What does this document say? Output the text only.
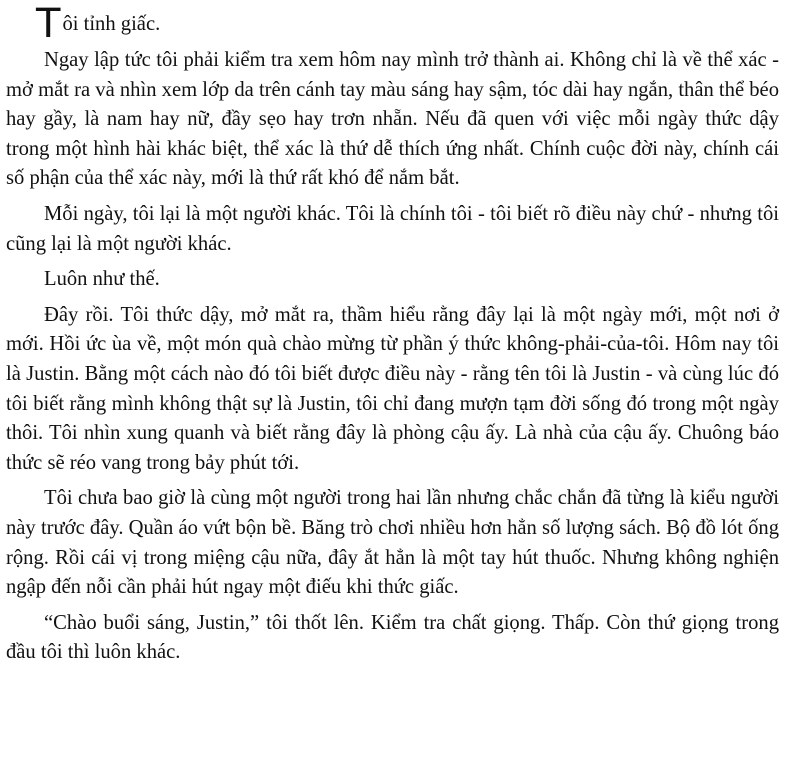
T ôi tỉnh giấc.

Ngay lập tức tôi phải kiểm tra xem hôm nay mình trở thành ai. Không chỉ là về thể xác - mở mắt ra và nhìn xem lớp da trên cánh tay màu sáng hay sậm, tóc dài hay ngắn, thân thể béo hay gầy, là nam hay nữ, đầy sẹo hay trơn nhẵn. Nếu đã quen với việc mỗi ngày thức dậy trong một hình hài khác biệt, thể xác là thứ dễ thích ứng nhất. Chính cuộc đời này, chính cái số phận của thể xác này, mới là thứ rất khó để nắm bắt.

Mỗi ngày, tôi lại là một người khác. Tôi là chính tôi - tôi biết rõ điều này chứ - nhưng tôi cũng lại là một người khác.

Luôn như thế.

Đây rồi. Tôi thức dậy, mở mắt ra, thầm hiểu rằng đây lại là một ngày mới, một nơi ở mới. Hồi ức ùa về, một món quà chào mừng từ phần ý thức không-phải-của-tôi. Hôm nay tôi là Justin. Bằng một cách nào đó tôi biết được điều này - rằng tên tôi là Justin - và cùng lúc đó tôi biết rằng mình không thật sự là Justin, tôi chỉ đang mượn tạm đời sống đó trong một ngày thôi. Tôi nhìn xung quanh và biết rằng đây là phòng cậu ấy. Là nhà của cậu ấy. Chuông báo thức sẽ réo vang trong bảy phút tới.

Tôi chưa bao giờ là cùng một người trong hai lần nhưng chắc chắn đã từng là kiểu người này trước đây. Quần áo vứt bộn bề. Băng trò chơi nhiều hơn hẳn số lượng sách. Bộ đồ lót ống rộng. Rồi cái vị trong miệng cậu nữa, đây ắt hẳn là một tay hút thuốc. Nhưng không nghiện ngập đến nỗi cần phải hút ngay một điếu khi thức giấc.

“Chào buổi sáng, Justin,” tôi thốt lên. Kiểm tra chất giọng. Thấp. Còn thứ giọng trong đầu tôi thì luôn khác.
